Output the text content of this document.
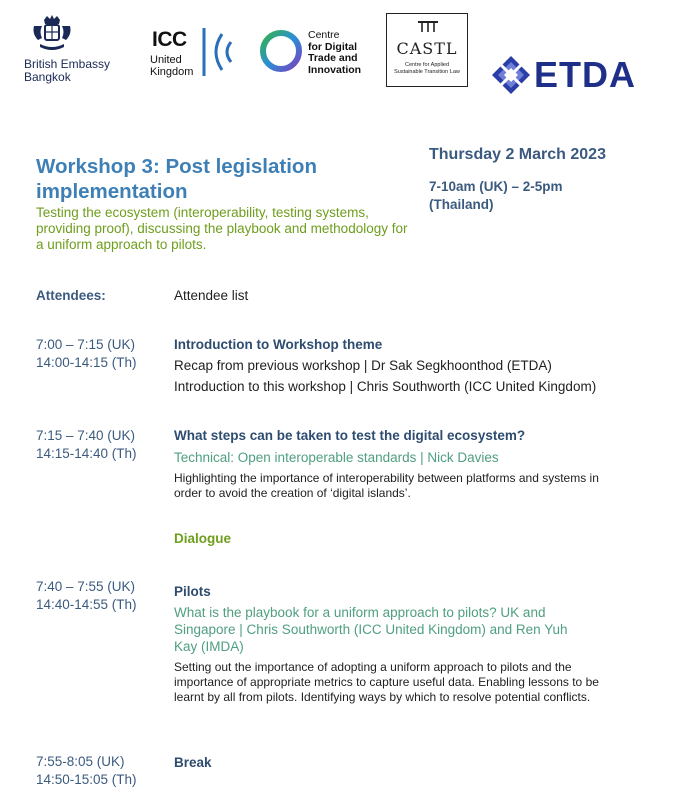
British Embassy
Bangkok
ICC
United Kingdom
Centre
for Digital
Trade and
Innovation
CASTL
Centre for Applied
Sustainable Transition Law ETDA
Workshop 3: Post legislation implementation
Testing the ecosystem (interoperability, testing systems, providing proof), discussing the playbook and methodology for a uniform approach to pilots.
Thursday 2 March 2023
7-10am (UK) – 2-5pm (Thailand)
Attendees:	Attendee list
7:00 – 7:15 (UK)
14:00-14:15 (Th)
Introduction to Workshop theme
Recap from previous workshop | Dr Sak Segkhoonthod (ETDA)
Introduction to this workshop | Chris Southworth (ICC United Kingdom)
7:15 – 7:40 (UK)
14:15-14:40 (Th)
What steps can be taken to test the digital ecosystem?
Technical: Open interoperable standards | Nick Davies
Highlighting the importance of interoperability between platforms and systems in order to avoid the creation of ‘digital islands’.
Dialogue
7:40 – 7:55 (UK)
14:40-14:55 (Th)
Pilots
What is the playbook for a uniform approach to pilots? UK and Singapore | Chris Southworth (ICC United Kingdom) and Ren Yuh Kay (IMDA)
Setting out the importance of adopting a uniform approach to pilots and the importance of appropriate metrics to capture useful data. Enabling lessons to be learnt by all from pilots. Identifying ways by which to resolve potential conflicts.
7:55-8:05 (UK)
14:50-15:05 (Th)
Break
